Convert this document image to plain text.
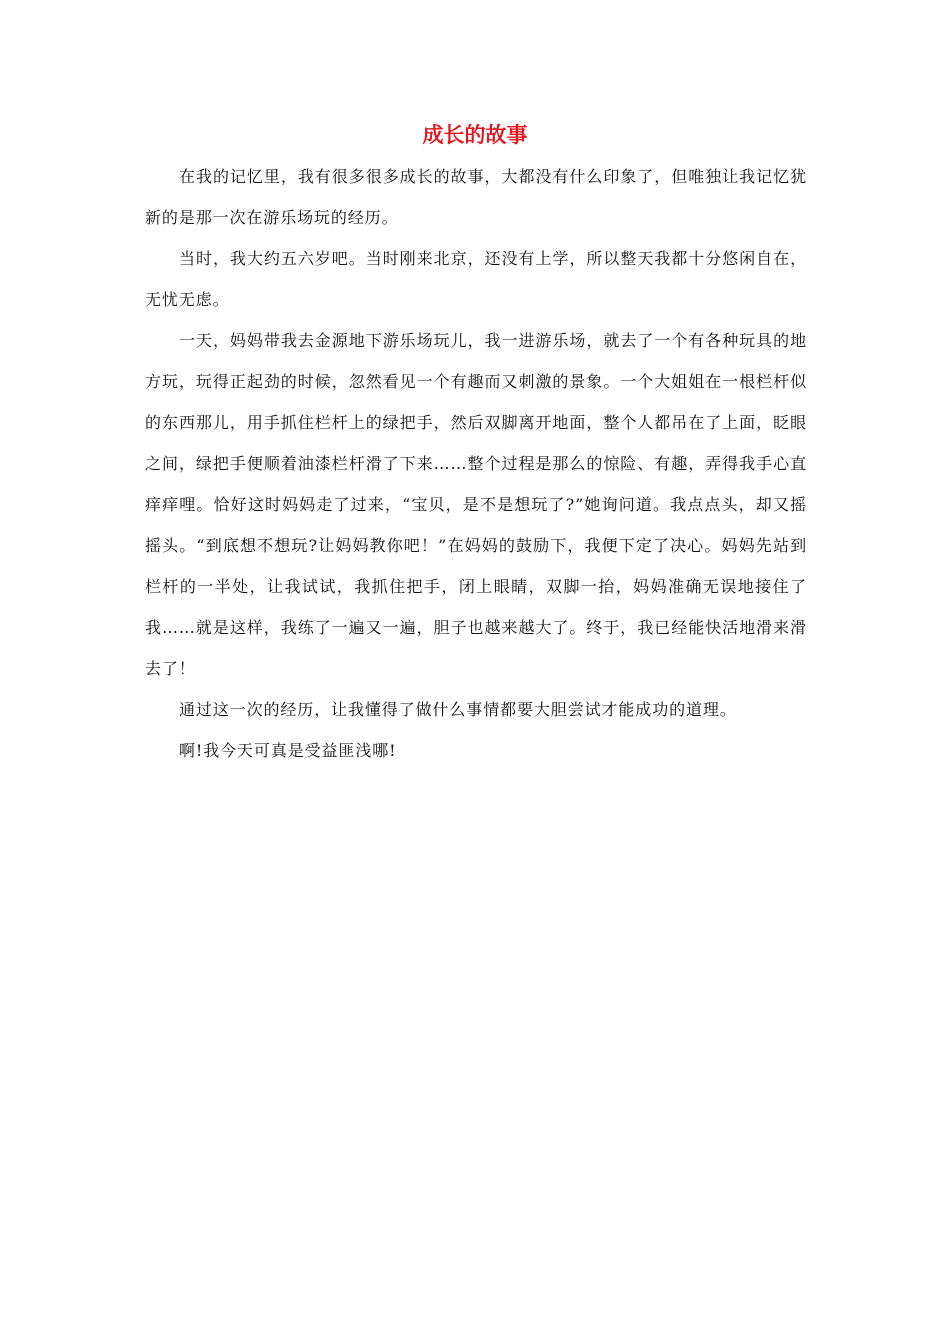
成长的故事

在我的记忆里，我有很多很多成长的故事，大都没有什么印象了，但唯独让我记忆犹新的是那一次在游乐场玩的经历。

当时，我大约五六岁吧。当时刚来北京，还没有上学，所以整天我都十分悠闲自在，无忧无虑。

一天，妈妈带我去金源地下游乐场玩儿，我一进游乐场，就去了一个有各种玩具的地方玩，玩得正起劲的时候，忽然看见一个有趣而又刺激的景象。一个大姐姐在一根栏杆似的东西那儿，用手抓住栏杆上的绿把手，然后双脚离开地面，整个人都吊在了上面，眨眼之间，绿把手便顺着油漆栏杆滑了下来……整个过程是那么的惊险、有趣，弄得我手心直痒痒哩。恰好这时妈妈走了过来，“宝贝，是不是想玩了?”她询问道。我点点头，却又摇摇头。“到底想不想玩?让妈妈教你吧！”在妈妈的鼓励下，我便下定了决心。妈妈先站到栏杆的一半处，让我试试，我抓住把手，闭上眼睛，双脚一抬，妈妈准确无误地接住了我……就是这样，我练了一遍又一遍，胆子也越来越大了。终于，我已经能快活地滑来滑去了！

通过这一次的经历，让我懂得了做什么事情都要大胆尝试才能成功的道理。

啊!我今天可真是受益匪浅哪!
